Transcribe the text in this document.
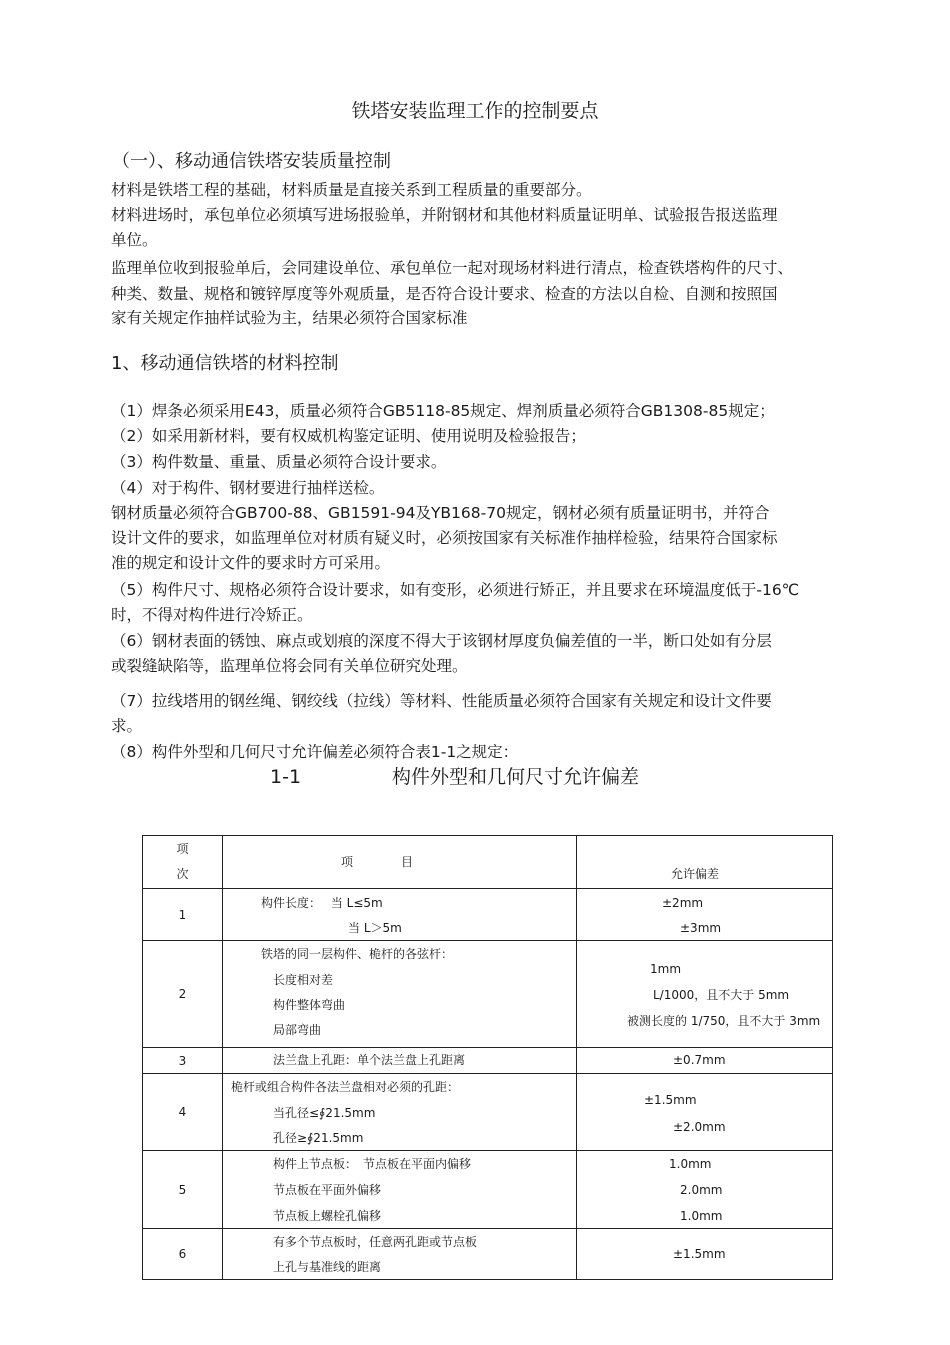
铁塔安装监理工作的控制要点
（一）、移动通信铁塔安装质量控制
材料是铁塔工程的基础，材料质量是直接关系到工程质量的重要部分。
材料进场时，承包单位必须填写进场报验单，并附钢材和其他材料质量证明单、试验报告报送监理
单位。
监理单位收到报验单后，会同建设单位、承包单位一起对现场材料进行清点，检查铁塔构件的尺寸、
种类、数量、规格和镀锌厚度等外观质量，是否符合设计要求、检查的方法以自检、自测和按照国
家有关规定作抽样试验为主，结果必须符合国家标准
1、移动通信铁塔的材料控制
（1）焊条必须采用E43，质量必须符合GB5118-85规定、焊剂质量必须符合GB1308-85规定；
（2）如采用新材料，要有权威机构鉴定证明、使用说明及检验报告；
（3）构件数量、重量、质量必须符合设计要求。
（4）对于构件、钢材要进行抽样送检。
钢材质量必须符合GB700-88、GB1591-94及YB168-70规定，钢材必须有质量证明书，并符合
设计文件的要求，如监理单位对材质有疑义时，必须按国家有关标准作抽样检验，结果符合国家标
准的规定和设计文件的要求时方可采用。
（5）构件尺寸、规格必须符合设计要求，如有变形，必须进行矫正，并且要求在环境温度低于-16℃
时，不得对构件进行冷矫正。
（6）钢材表面的锈蚀、麻点或划痕的深度不得大于该钢材厚度负偏差值的一半，断口处如有分层
或裂缝缺陷等，监理单位将会同有关单位研究处理。
（7）拉线塔用的钢丝绳、钢绞线（拉线）等材料、性能质量必须符合国家有关规定和设计文件要
求。
（8）构件外型和几何尺寸允许偏差必须符合表1-1之规定：
1-1	构件外型和几何尺寸允许偏差
项
次	项　　　　目	允许偏差

1	构件长度：　 当 L≤5m
当 L＞5m	±2mm
±3mm

2	铁塔的同一层构件、桅杆的各弦杆：
长度相对差
构件整体弯曲
局部弯曲	1mm
L/1000，且不大于 5mm
被测长度的 1/750，且不大于 3mm

3	法兰盘上孔距：单个法兰盘上孔距离	±0.7mm

4	桅杆或组合构件各法兰盘相对必须的孔距：
当孔径≤∮21.5mm
孔径≥∮21.5mm	±1.5mm
±2.0mm

5	构件上节点板：　节点板在平面内偏移
节点板在平面外偏移
节点板上螺栓孔偏移	1.0mm
2.0mm
1.0mm

6	有多个节点板时，任意两孔距或节点板
上孔与基准线的距离	±1.5mm
